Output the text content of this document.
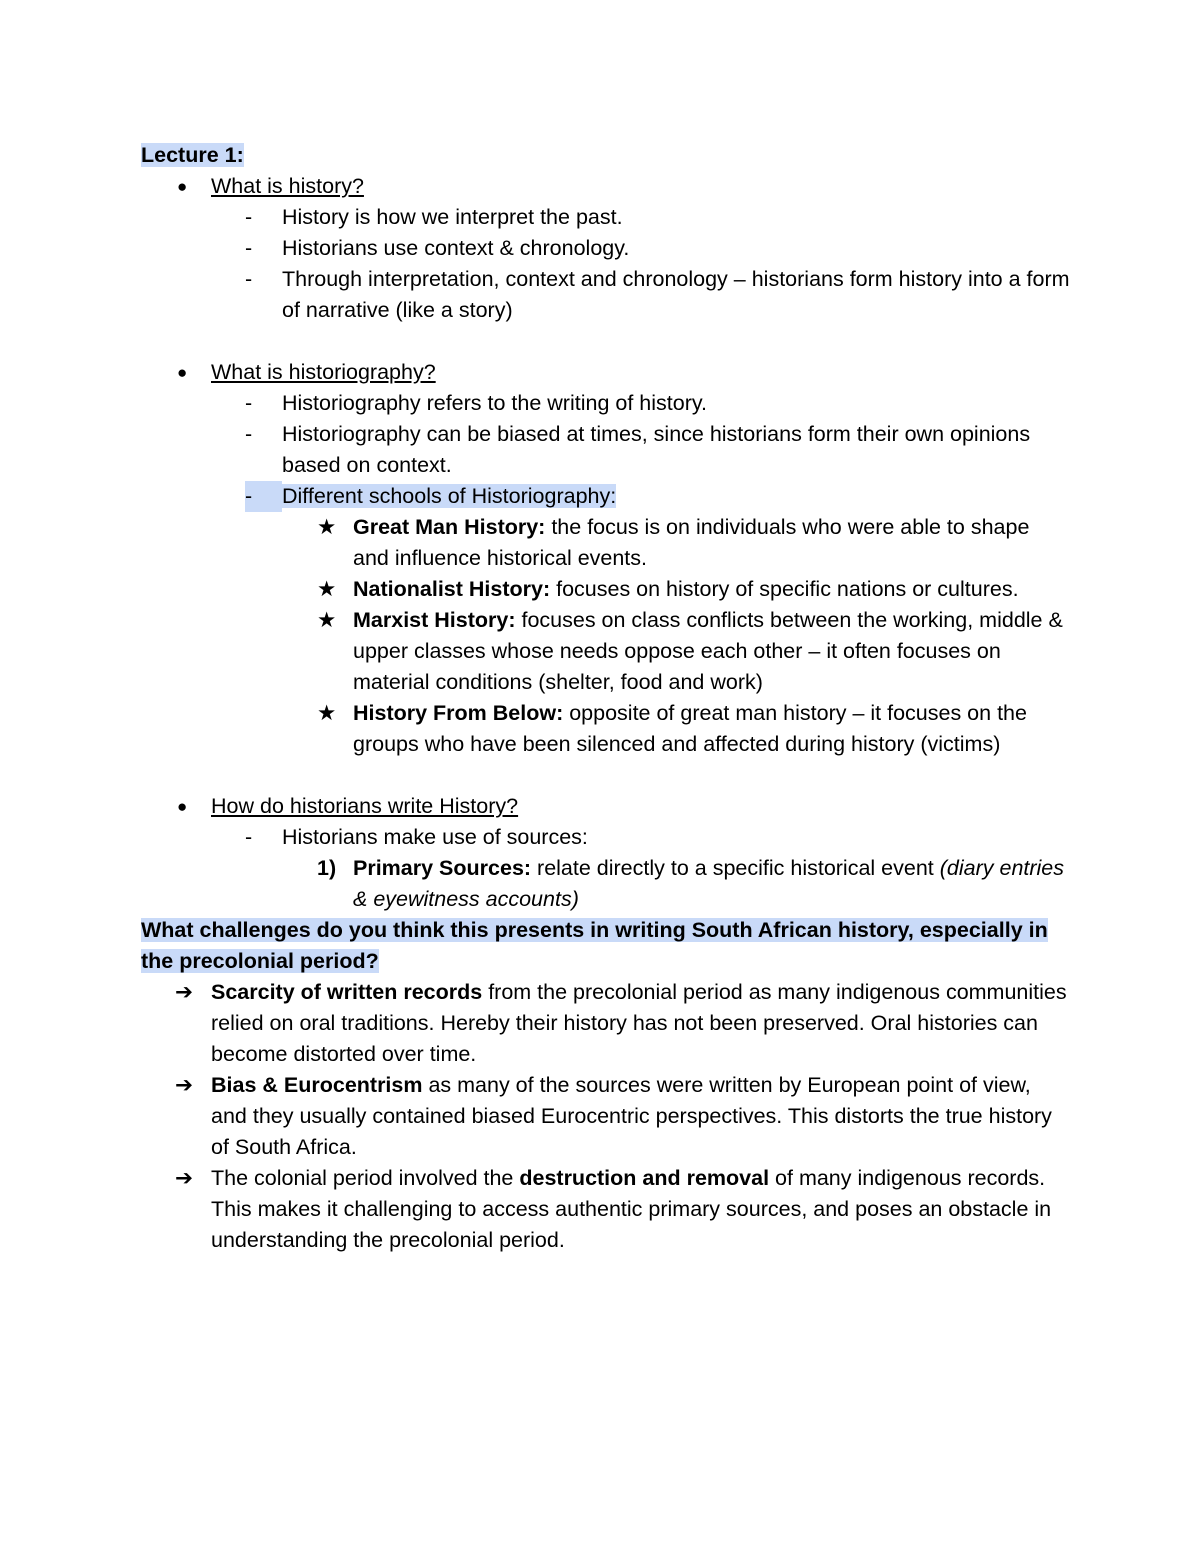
Lecture 1:

● What is history?
- History is how we interpret the past.
- Historians use context & chronology.
- Through interpretation, context and chronology – historians form history into a form of narrative (like a story)
● What is historiography?
- Historiography refers to the writing of history.
- Historiography can be biased at times, since historians form their own opinions based on context.
- Different schools of Historiography:
★ Great Man History: the focus is on individuals who were able to shape and influence historical events.
★ Nationalist History: focuses on history of specific nations or cultures.
★ Marxist History: focuses on class conflicts between the working, middle & upper classes whose needs oppose each other – it often focuses on material conditions (shelter, food and work)
★ History From Below: opposite of great man history – it focuses on the groups who have been silenced and affected during history (victims)
● How do historians write History?
- Historians make use of sources:
1) Primary Sources: relate directly to a specific historical event (diary entries & eyewitness accounts)

What challenges do you think this presents in writing South African history, especially in the precolonial period?

➔ Scarcity of written records from the precolonial period as many indigenous communities relied on oral traditions. Hereby their history has not been preserved. Oral histories can become distorted over time.
➔ Bias & Eurocentrism as many of the sources were written by European point of view, and they usually contained biased Eurocentric perspectives. This distorts the true history of South Africa.
➔ The colonial period involved the destruction and removal of many indigenous records. This makes it challenging to access authentic primary sources, and poses an obstacle in understanding the precolonial period.
